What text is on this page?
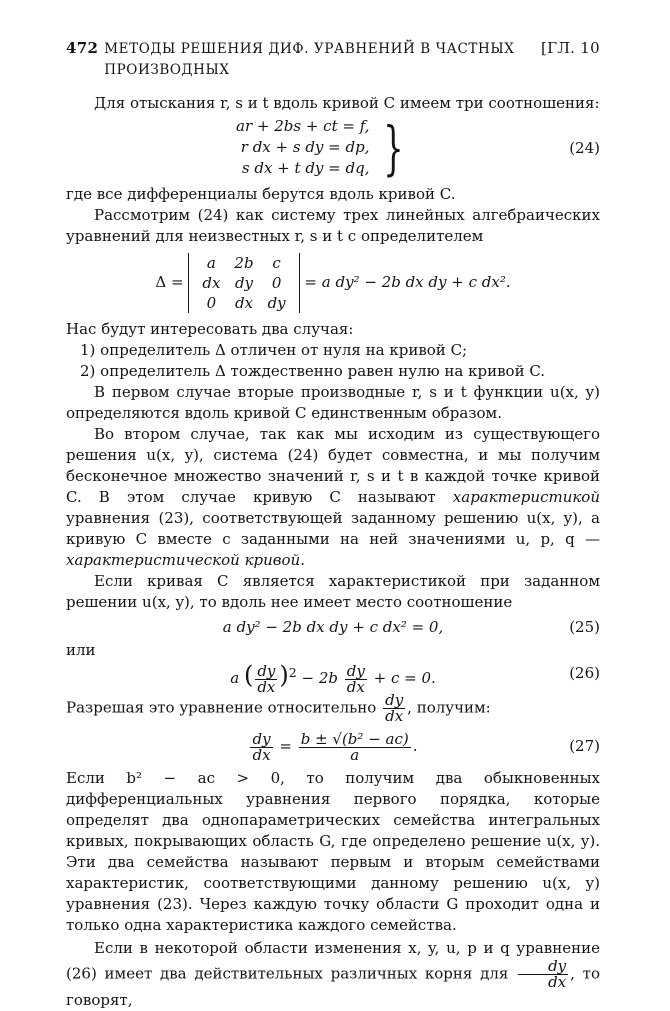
472 МЕТОДЫ РЕШЕНИЯ ДИФ. УРАВНЕНИЙ В ЧАСТНЫХ ПРОИЗВОДНЫХ
[ГЛ. 10

Для отыскания r, s и t вдоль кривой C имеем три соотношения:

ar + 2bs + ct = f,
r dx + s dy = dp,
s dx + t dy = dq, }	(24)

где все дифференциалы берутся вдоль кривой C.

Рассмотрим (24) как систему трех линейных алгебраических уравнений для неизвестных r, s и t с определителем

Δ =
a	2b	c
dx	dy	0
0	dx	dy
= a dy² − 2b dx dy + c dx².

Нас будут интересовать два случая:

1) определитель Δ отличен от нуля на кривой C;

2) определитель Δ тождественно равен нулю на кривой C.

В первом случае вторые производные r, s и t функции u(x, y) определяются вдоль кривой C единственным образом.

Во втором случае, так как мы исходим из существующего решения u(x, y), система (24) будет совместна, и мы получим бесконечное множество значений r, s и t в каждой точке кривой C. В этом случае кривую C называют характеристикой уравнения (23), соответствующей заданному решению u(x, y), а кривую C вместе с заданными на ней значениями u, p, q — характеристической кривой.

Если кривая C является характеристикой при заданном решении u(x, y), то вдоль нее имеет место соотношение

a dy² − 2b dx dy + c dx² = 0,	(25)

или

a ( $\frac{dy}{dx} )^2 - 2b \frac{dy}{dx} + c = 0$.	(26)

Разрешая это уравнение относительно $\frac{dy}{dx}$ , получим:

$\frac{dy}{dx} = \frac{\text{b ± √(b² − ac)}}{a}$ .	(27)

Если b² − ac > 0, то получим два обыкновенных дифференциальных уравнения первого порядка, которые определят два однопараметрических семейства интегральных кривых, покрывающих область G, где определено решение u(x, y). Эти два семейства называют первым и вторым семействами характеристик, соответствующими данному решению u(x, y) уравнения (23). Через каждую точку области G проходит одна и только одна характеристика каждого семейства.

Если в некоторой области изменения x, y, u, p и q уравнение (26) имеет два действительных различных корня для $\frac{dy}{dx}$ , то говорят,
